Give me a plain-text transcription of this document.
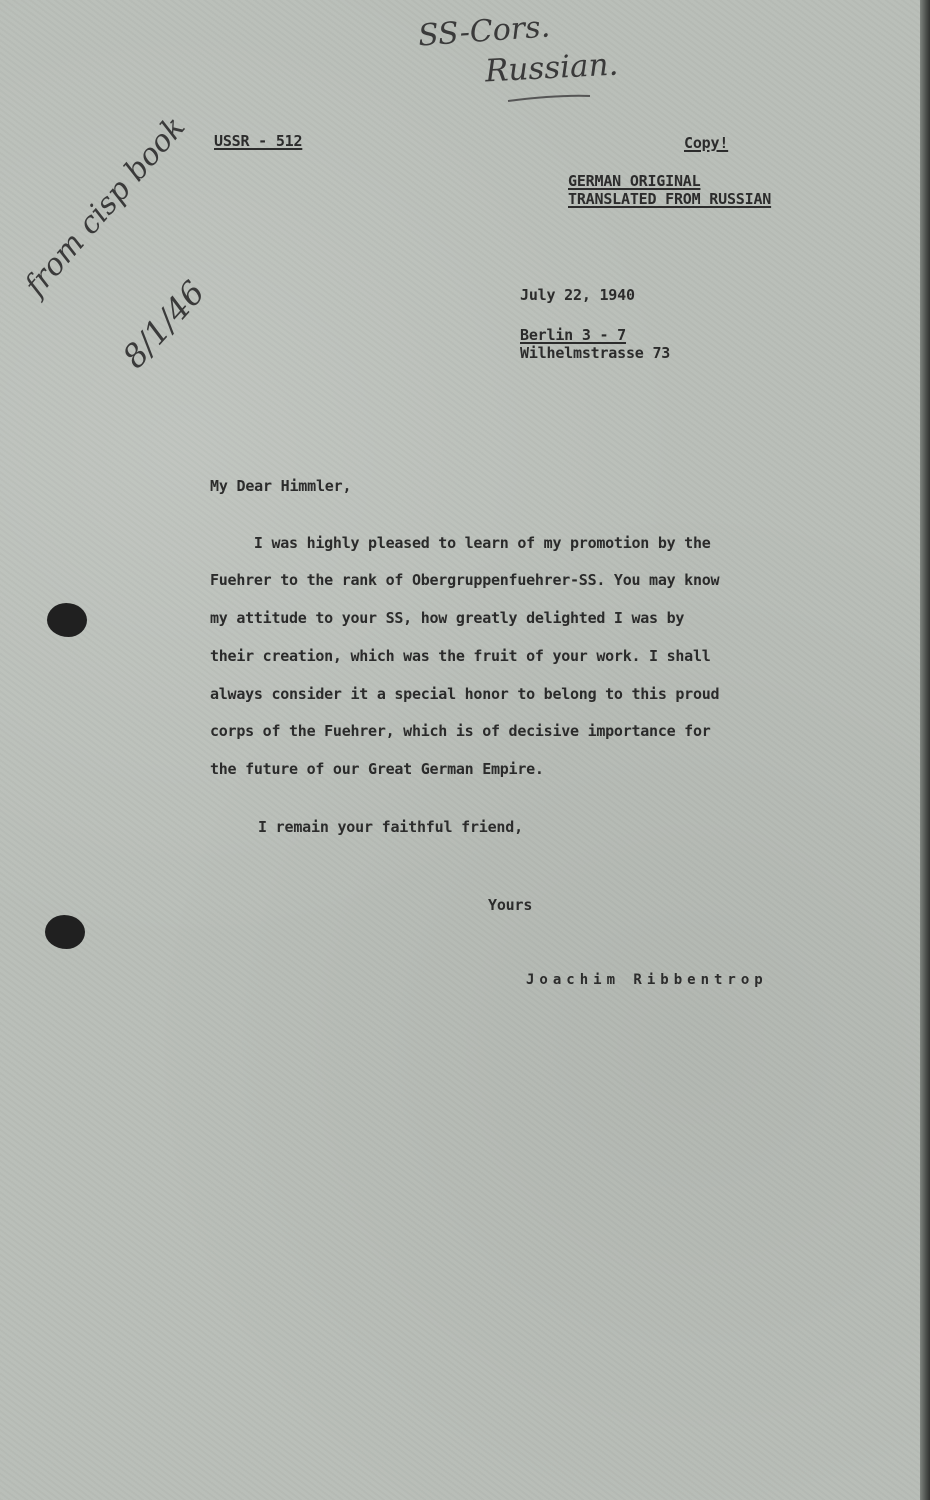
SS-Cors.
Russian.
from cisp book
8/1/46
USSR - 512	Copy!
GERMAN ORIGINAL
TRANSLATED FROM RUSSIAN
July 22, 1940
Berlin 3 - 7
Wilhelmstrasse 73
My Dear Himmler,
I was highly pleased to learn of my promotion by the
Fuehrer to the rank of Obergruppenfuehrer-SS. You may know
my attitude to your SS, how greatly delighted I was by
their creation, which was the fruit of your work. I shall
always consider it a special honor to belong to this proud
corps of the Fuehrer, which is of decisive importance for
the future of our Great German Empire.
I remain your faithful friend,
Yours
Joachim Ribbentrop
